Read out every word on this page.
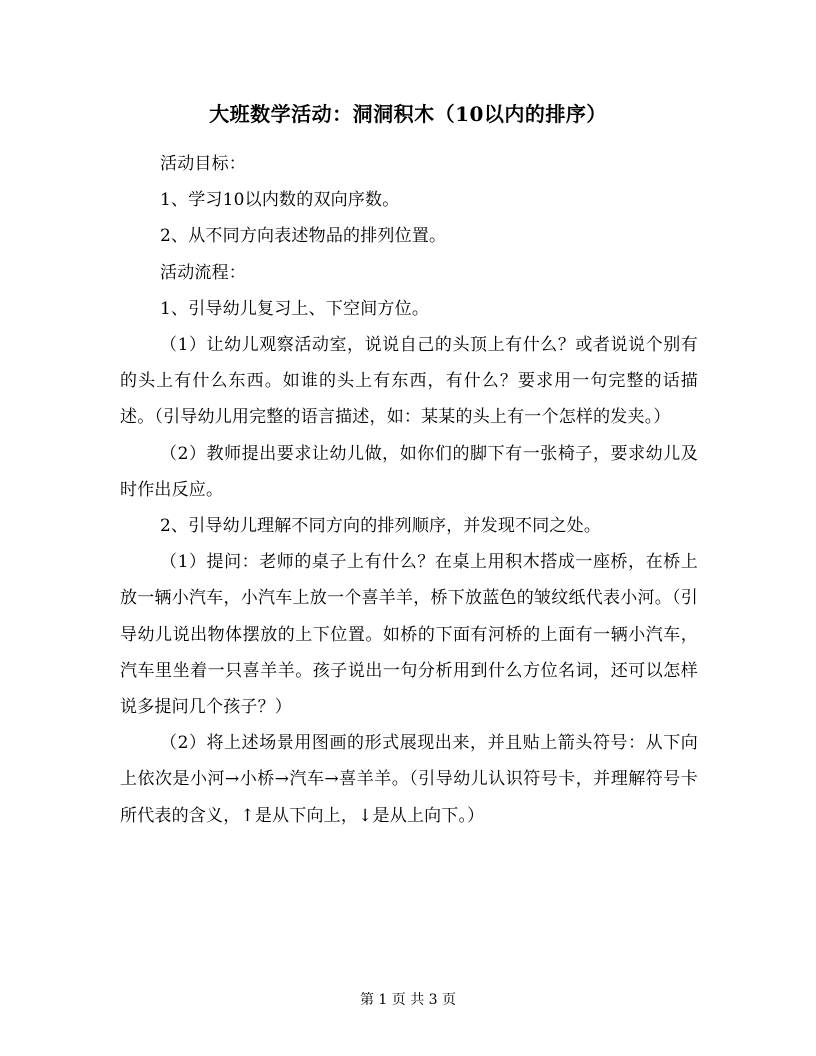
大班数学活动：洞洞积木（10以内的排序）

活动目标：

1、学习10以内数的双向序数。

2、从不同方向表述物品的排列位置。

活动流程：

1、引导幼儿复习上、下空间方位。

（1）让幼儿观察活动室，说说自己的头顶上有什么？或者说说个别有的头上有什么东西。如谁的头上有东西，有什么？要求用一句完整的话描述。（引导幼儿用完整的语言描述，如：某某的头上有一个怎样的发夹。）

（2）教师提出要求让幼儿做，如你们的脚下有一张椅子，要求幼儿及时作出反应。

2、引导幼儿理解不同方向的排列顺序，并发现不同之处。

（1）提问：老师的桌子上有什么？在桌上用积木搭成一座桥，在桥上放一辆小汽车，小汽车上放一个喜羊羊，桥下放蓝色的皱纹纸代表小河。（引导幼儿说出物体摆放的上下位置。如桥的下面有河桥的上面有一辆小汽车，汽车里坐着一只喜羊羊。孩子说出一句分析用到什么方位名词，还可以怎样说多提问几个孩子？）

（2）将上述场景用图画的形式展现出来，并且贴上箭头符号：从下向上依次是小河→小桥→汽车→喜羊羊。（引导幼儿认识符号卡，并理解符号卡所代表的含义，↑是从下向上，↓是从上向下。）

第 1 页 共 3 页
